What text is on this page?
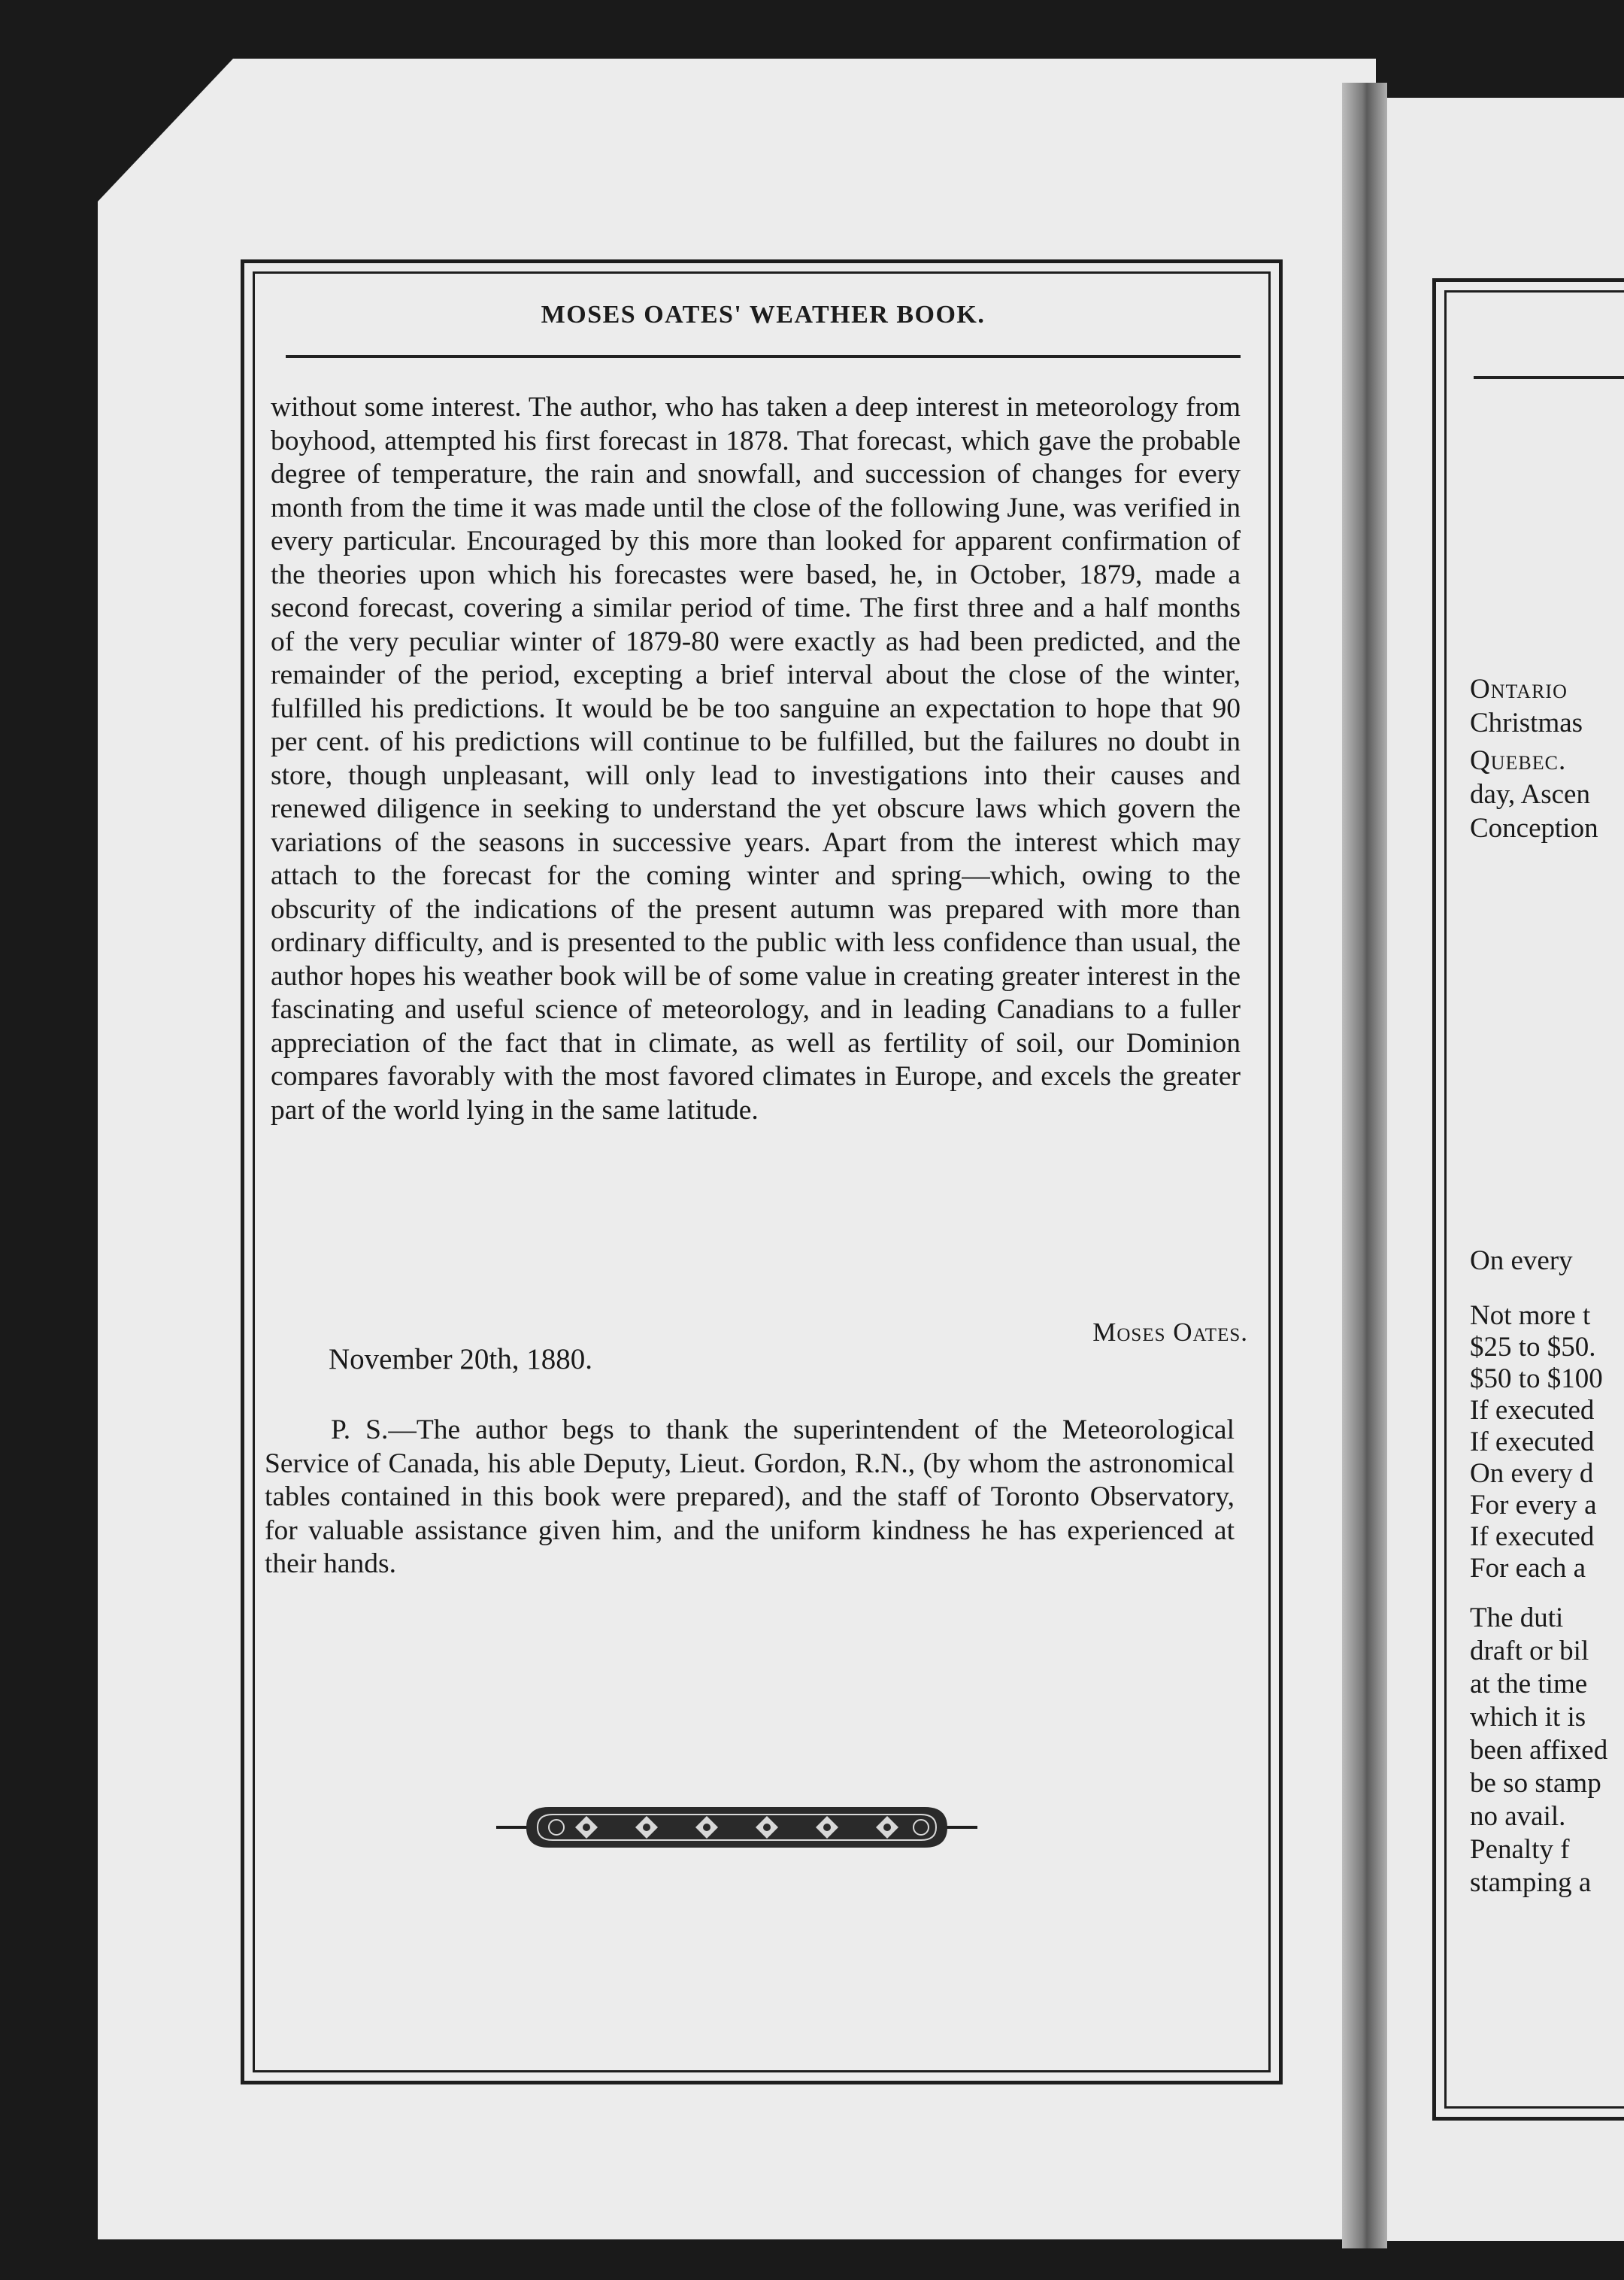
MOSES OATES' WEATHER BOOK.
without some interest. The author, who has taken a deep interest in meteorology from boyhood, attempted his first forecast in 1878. That forecast, which gave the probable degree of temperature, the rain and snowfall, and succession of changes for every month from the time it was made until the close of the following June, was verified in every particular. Encouraged by this more than looked for apparent confirmation of the theories upon which his forecastes were based, he, in October, 1879, made a second forecast, covering a similar period of time. The first three and a half months of the very peculiar winter of 1879-80 were exactly as had been predicted, and the remainder of the period, excepting a brief interval about the close of the winter, fulfilled his predictions. It would be be too sanguine an expectation to hope that 90 per cent. of his predictions will continue to be fulfilled, but the failures no doubt in store, though unpleasant, will only lead to investigations into their causes and renewed diligence in seeking to understand the yet obscure laws which govern the variations of the seasons in successive years. Apart from the interest which may attach to the forecast for the coming winter and spring—which, owing to the obscurity of the indications of the present autumn was prepared with more than ordinary difficulty, and is presented to the public with less confidence than usual, the author hopes his weather book will be of some value in creating greater interest in the fascinating and useful science of meteorology, and in leading Canadians to a fuller appreciation of the fact that in climate, as well as fertility of soil, our Dominion compares favorably with the most favored climates in Europe, and excels the greater part of the world lying in the same latitude.
Moses Oates.
November 20th, 1880.
P. S.—The author begs to thank the superintendent of the Meteorological Service of Canada, his able Deputy, Lieut. Gordon, R.N., (by whom the astronomical tables contained in this book were prepared), and the staff of Toronto Observatory, for valuable assistance given him, and the uniform kindness he has experienced at their hands.
Ontario
Christmas
Quebec.
day, Ascen
Conception
On every
Not more t
$25 to $50.
$50 to $100
If executed
If executed
On every d
For every a
If executed
For each a
The duti
draft or bil
at the time
which it is
been affixed
be so stamp
no avail.
Penalty f
stamping a
